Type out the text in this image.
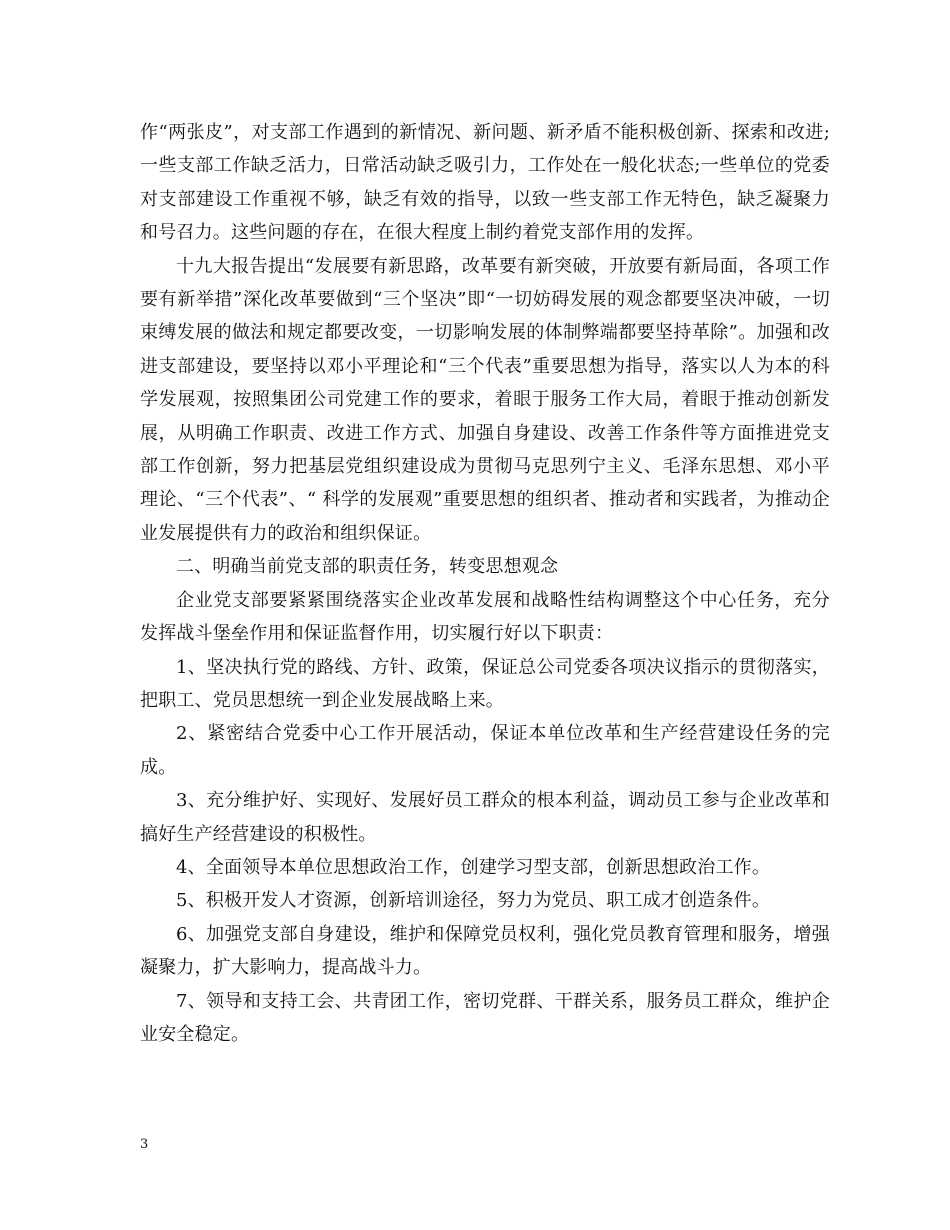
作“两张皮”，对支部工作遇到的新情况、新问题、新矛盾不能积极创新、探索和改进;一些支部工作缺乏活力，日常活动缺乏吸引力，工作处在一般化状态;一些单位的党委对支部建设工作重视不够，缺乏有效的指导，以致一些支部工作无特色，缺乏凝聚力和号召力。这些问题的存在，在很大程度上制约着党支部作用的发挥。

十九大报告提出“发展要有新思路，改革要有新突破，开放要有新局面，各项工作要有新举措”深化改革要做到“三个坚决”即“一切妨碍发展的观念都要坚决冲破，一切束缚发展的做法和规定都要改变，一切影响发展的体制弊端都要坚持革除”。加强和改进支部建设，要坚持以邓小平理论和“三个代表”重要思想为指导，落实以人为本的科学发展观，按照集团公司党建工作的要求，着眼于服务工作大局，着眼于推动创新发展，从明确工作职责、改进工作方式、加强自身建设、改善工作条件等方面推进党支部工作创新，努力把基层党组织建设成为贯彻马克思列宁主义、毛泽东思想、邓小平理论、“三个代表”、“ 科学的发展观”重要思想的组织者、推动者和实践者，为推动企业发展提供有力的政治和组织保证。

二、明确当前党支部的职责任务，转变思想观念

企业党支部要紧紧围绕落实企业改革发展和战略性结构调整这个中心任务，充分发挥战斗堡垒作用和保证监督作用，切实履行好以下职责：

1、坚决执行党的路线、方针、政策，保证总公司党委各项决议指示的贯彻落实，把职工、党员思想统一到企业发展战略上来。

2、紧密结合党委中心工作开展活动，保证本单位改革和生产经营建设任务的完成。

3、充分维护好、实现好、发展好员工群众的根本利益，调动员工参与企业改革和搞好生产经营建设的积极性。

4、全面领导本单位思想政治工作，创建学习型支部，创新思想政治工作。

5、积极开发人才资源，创新培训途径，努力为党员、职工成才创造条件。

6、加强党支部自身建设，维护和保障党员权利，强化党员教育管理和服务，增强凝聚力，扩大影响力，提高战斗力。

7、领导和支持工会、共青团工作，密切党群、干群关系，服务员工群众，维护企业安全稳定。

3
